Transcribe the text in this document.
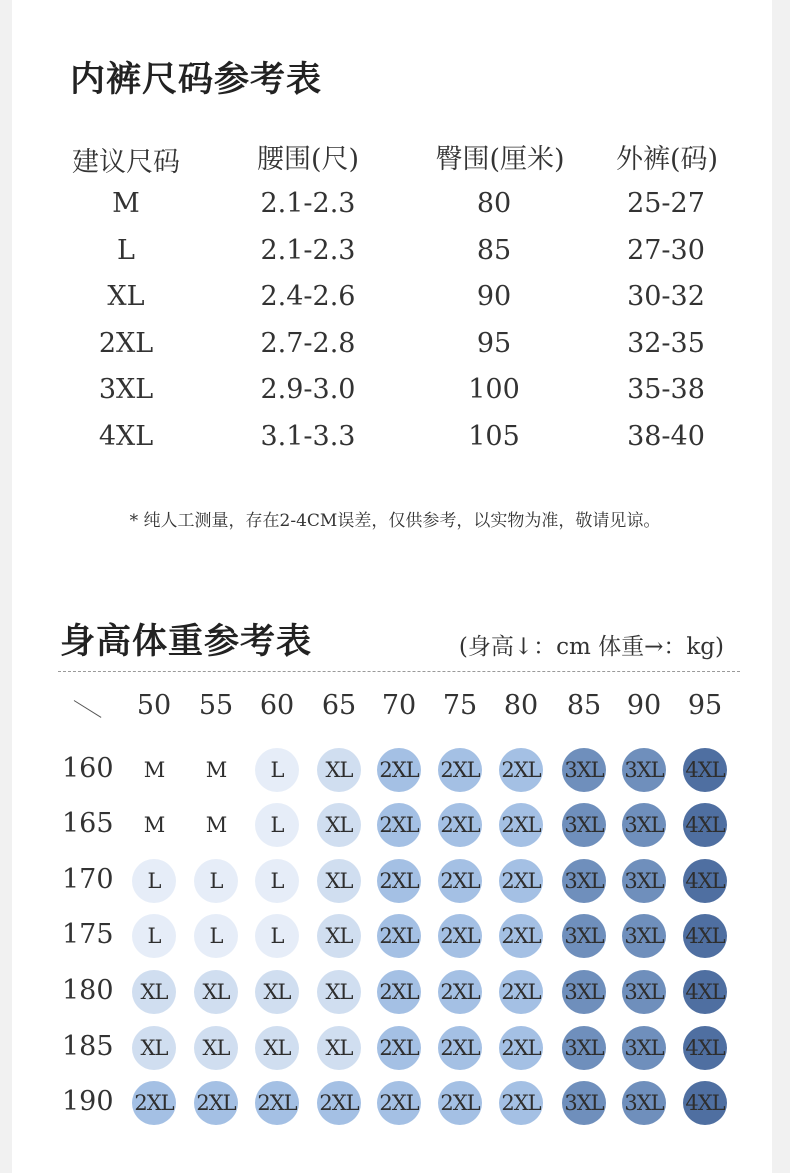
内裤尺码参考表
建议尺码	腰围(尺)	臀围(厘米)	外裤(码)
M	2.1-2.3	80	25-27
L	2.1-2.3	85	27-30
XL	2.4-2.6	90	30-32
2XL	2.7-2.8	95	32-35
3XL	2.9-3.0	100	35-38
4XL	3.1-3.3	105	38-40
* 纯人工测量，存在2-4CM误差，仅供参考，以实物为准，敬请见谅。
身高体重参考表	(身高↓：cm 体重→：kg)
50	55 60	65 70 75 80	85 90 95
160	M	M	L	XL	2XL 2XL 2XL 3XL 3XL 4XL
165	M	M	L	XL	2XL 2XL 2XL 3XL 3XL 4XL
170	L	L	L	XL	2XL 2XL 2XL 3XL 3XL 4XL
175	L	L	L	XL	2XL 2XL 2XL 3XL 3XL 4XL
180	XL	XL	XL	XL	2XL 2XL 2XL 3XL 3XL 4XL
185	XL	XL	XL	XL	2XL 2XL 2XL 3XL 3XL 4XL
190 2XL 2XL 2XL 2XL 2XL 2XL 2XL 3XL 3XL 4XL
